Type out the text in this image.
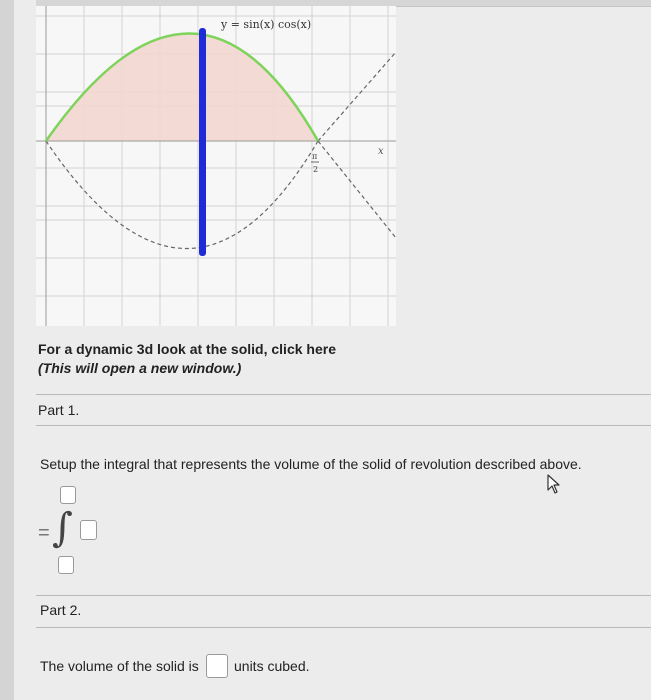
y = sin(x) cos(x)
x
π
2
For a dynamic 3d look at the solid, click here
(This will open a new window.)
Part 1.
Setup the integral that represents the volume of the solid of revolution described above.
= ∫
Part 2.
The volume of the solid is	units cubed.
